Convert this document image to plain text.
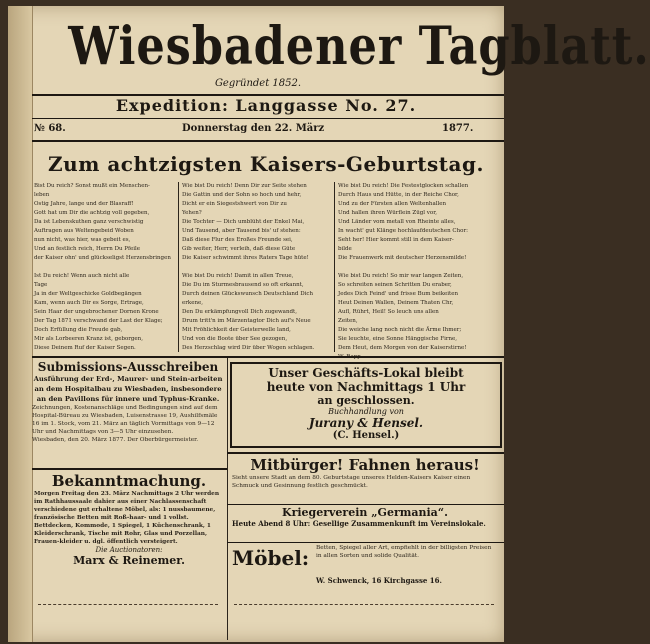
Wiesbadener Tagblatt.
Gegründet 1852.
Expedition: Langgasse No. 27.
№ 68.	Donnerstag den 22. März	1877.
Zum achtzigsten Kaisers-Geburtstag.
Bist Du reich? Sonst mußt ein Menschen-
leben
Ostig Jahre, lange und der Blasraff!
Gott hat um Dir die achtzig voll gegeben,
Da ist Lebenskuthen ganz verschwistig
Auftragen aus Weltengebeid Woben
nun nicht, was hier, was gebeit es,
Und an festlich reich, Herrn Du Pfeile
der Kaiser ohn' und glückseligst Herzensbringen

Ist Du reich! Wenn auch nicht alle
Tage
Ja in der Weltgeschicke Goldbegängen
Kam, wenn auch Dir es Sorge, Ertrage,
Sein Haar der ungebrochener Dornen Krone
Der Tag 1871 verschwand der Last der Klage;
Doch Erfüllung die Freude gab,
Mir als Lorbeeren Kranz ist, geborgen,
Diese Deinem Ruf der Kaiser Segen.
Wie bist Du reich! Denn Dir zur Seite stehen
Die Gattin und der Sohn so hoch und hehr,
Dicht er ein Siegestshwert von Dir zu
Yehen?
Die Tochter — Dich umblüht der Enkel Mai,
Und Tausend, aber Tausend bis' uf stehen:
Daß diese Flur des Eroßes Freunde sei,
Gib weiter, Herr, verleih, daß diese Güte
Die Kaiser schwimmt ihres Raters Tage hüte!

Wie bist Du reich! Damit in allen Treue,
Die Du im Sturmesbrausend so oft erkannt,
Durch deinen Glückswunsch Deutschland Dich
erkene,
Den Du erkämpfungvoll Dich zugewandt,
Drum tritt'n im Märzentagtor Dich auf's Neue
Mit Fröhlichkeit der Geisterwelle land,
Und von die Boote über See gezogen,
Des Herzschlag wird Dir über Wogen schlagen.
Wie bist Du reich! Die Festestglocken schallen
Durch Haus und Hütte, in der Reiche Chor,
Und zu der Fürsten allen Weltenhallen
Und hallen ihren Würflein Zügl vor,
Und Länder vom metall von Rheinte alles,
In wacht' gut Klänge hochlaufdeutschen Chor:
Seht her! Hier kommt still in dem Kaiser-
bilde
Die Frauenwerk mit deutscher Herzensmilde!

Wie bist Du reich! So mir war langen Zeiten,
So schreiten seinen Schritten Du eraber,
Jedes Dich Feind' und frisse Bum beikeiten
Heut Deinen Wallen, Deinem Thaten Chr,
Aufl, Rührt, Heil! So leuch uns allen
Zeiten,
Die weiche lang noch nicht die Ärme Ihmer;
Sie leuchte, eine Sonne Hänggische Firne,
Dem Heut, dem Morgen von der Kaiserstirne!
W. Rapp.
Submissions-Ausschreiben
Ausführung der Erd-, Maurer- und Stein-arbeiten an dem Hospitalbau zu Wiesbaden, insbesondere an den Pavillons für innere und Typhus-Kranke.
Zeichnungen, Kostenanschläge und Bedingungen sind auf dem Hospital-Büreau zu Wiesbaden, Luisenstrasse 19, Aushilfsmäle 16 im 1. Stock, vom 21. März an täglich Vormittags von 9—12 Uhr und Nachmittags von 3—5 Uhr einzusehen.
Wiesbaden, den 20. März 1877. Der Oberbürgermeister.
Unser Geschäfts-Lokal bleibt
heute von Nachmittags 1 Uhr
an geschlossen.
Buchhandlung von
Jurany & Hensel.
(C. Hensel.)
Mitbürger! Fahnen heraus!
Sieht unsere Stadt an dem 80. Geburtstage unseres Helden-Kaisers Kaiser einen Schmuck und Gesinnung festlich geschmückt.
Kriegerverein „Germania“.
Heute Abend 8 Uhr: Gesellige Zusammenkunft im Vereinslokale.
Möbel: Betten, Spiegel aller Art, empfiehlt in der billigsten Preisen in allen Sorten und solide Qualität.
W. Schwenck, 16 Kirchgasse 16.
Bekanntmachung.
Morgen Freitag den 23. März Nachmittags 2 Uhr werden im Rathhaussaale dahier aus einer Nachlassenschaft verschiedene gut erhaltene Möbel, als: 1 nussbaumene, französische Betten mit Roß-haar- und 1 vollst. Bettdecken, Kommode, 1 Spiegel, 1 Küchenschrank, 1 Kleiderschrank, Tische mit Rohr, Glas und Porzellan, Frauen-kleider u. dgl. öffentlich versteigert.
Die Auctionatoren:
Marx & Reinemer.
